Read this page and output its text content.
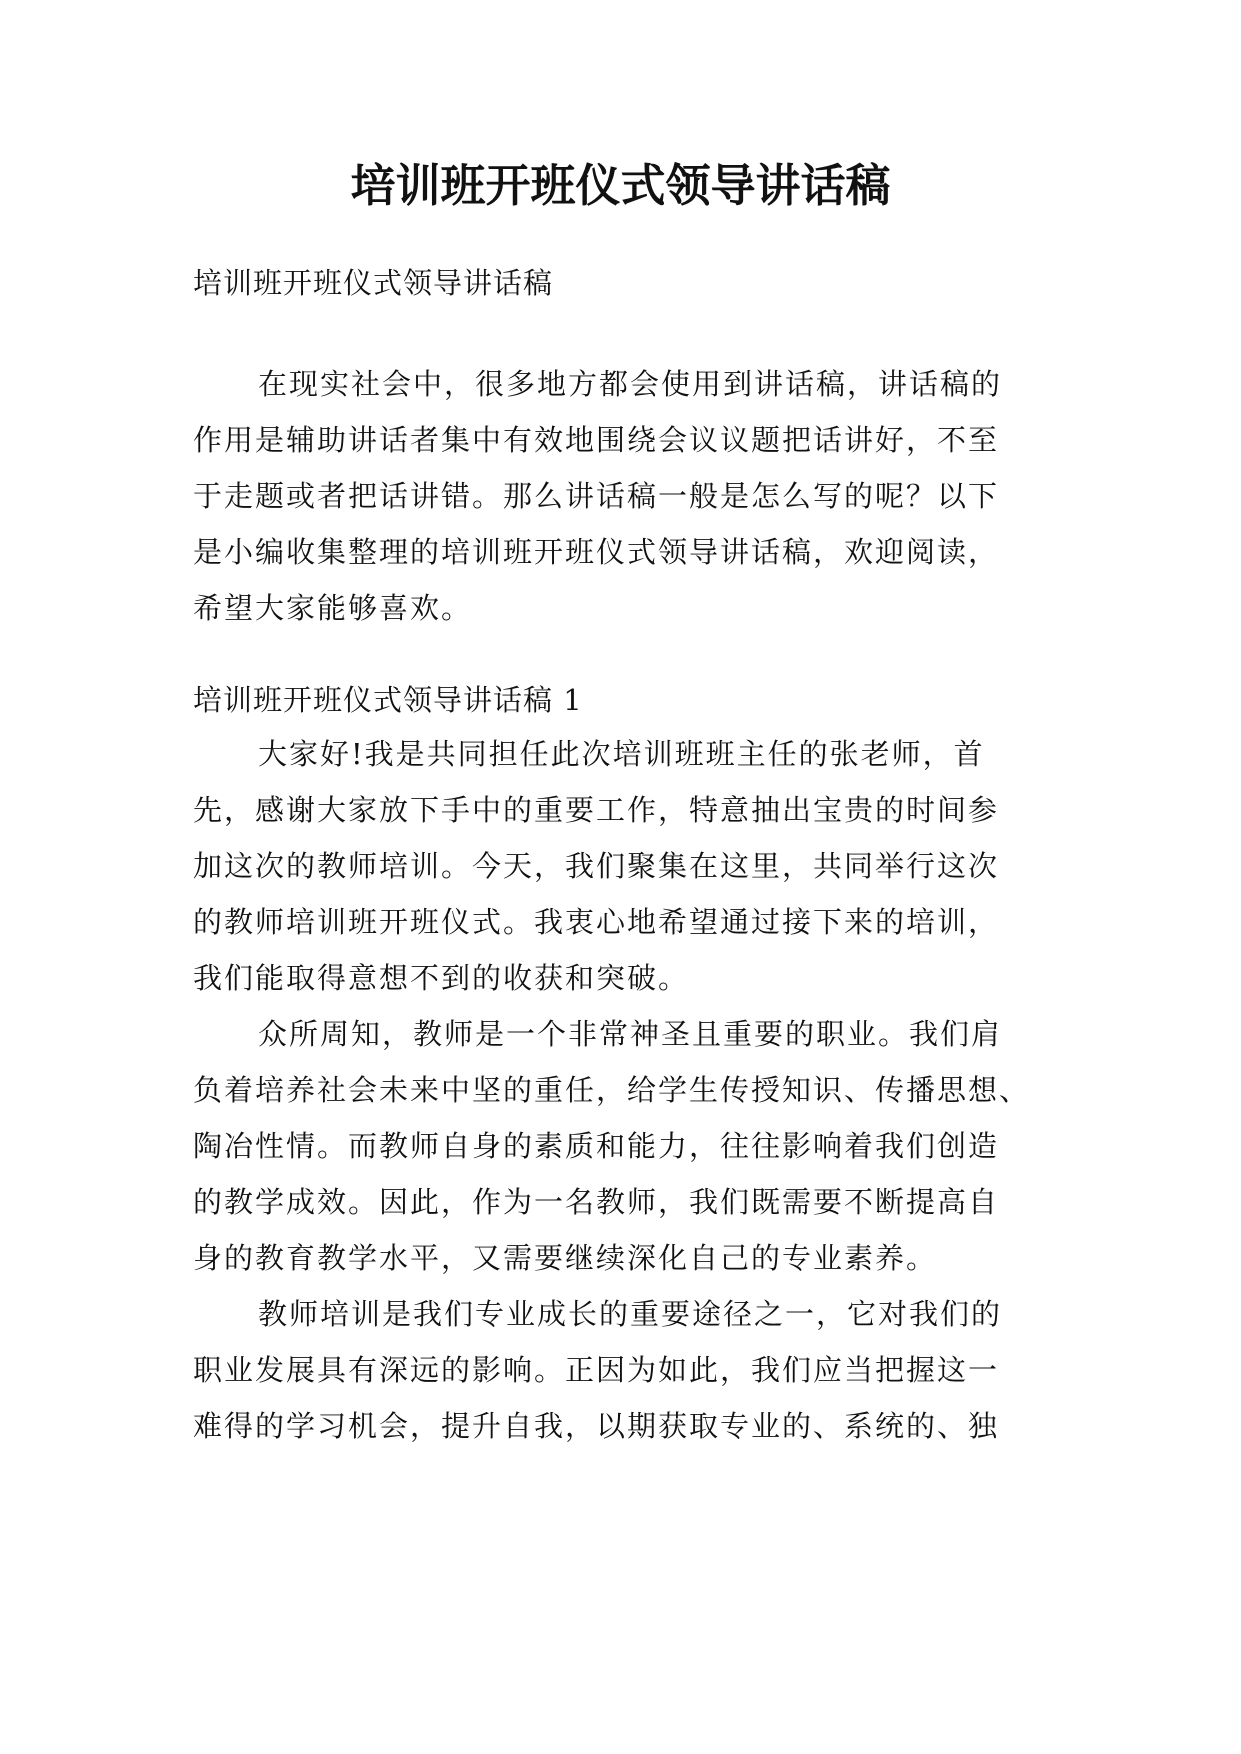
培训班开班仪式领导讲话稿

培训班开班仪式领导讲话稿

在现实社会中，很多地方都会使用到讲话稿，讲话稿的

作用是辅助讲话者集中有效地围绕会议议题把话讲好，不至

于走题或者把话讲错。那么讲话稿一般是怎么写的呢？以下

是小编收集整理的培训班开班仪式领导讲话稿，欢迎阅读，

希望大家能够喜欢。

培训班开班仪式领导讲话稿 1

大家好!我是共同担任此次培训班班主任的张老师，首

先，感谢大家放下手中的重要工作，特意抽出宝贵的时间参

加这次的教师培训。今天，我们聚集在这里，共同举行这次

的教师培训班开班仪式。我衷心地希望通过接下来的培训，

我们能取得意想不到的收获和突破。

众所周知，教师是一个非常神圣且重要的职业。我们肩

负着培养社会未来中坚的重任，给学生传授知识、传播思想、

陶冶性情。而教师自身的素质和能力，往往影响着我们创造

的教学成效。因此，作为一名教师，我们既需要不断提高自

身的教育教学水平，又需要继续深化自己的专业素养。

教师培训是我们专业成长的重要途径之一，它对我们的

职业发展具有深远的影响。正因为如此，我们应当把握这一

难得的学习机会，提升自我，以期获取专业的、系统的、独
